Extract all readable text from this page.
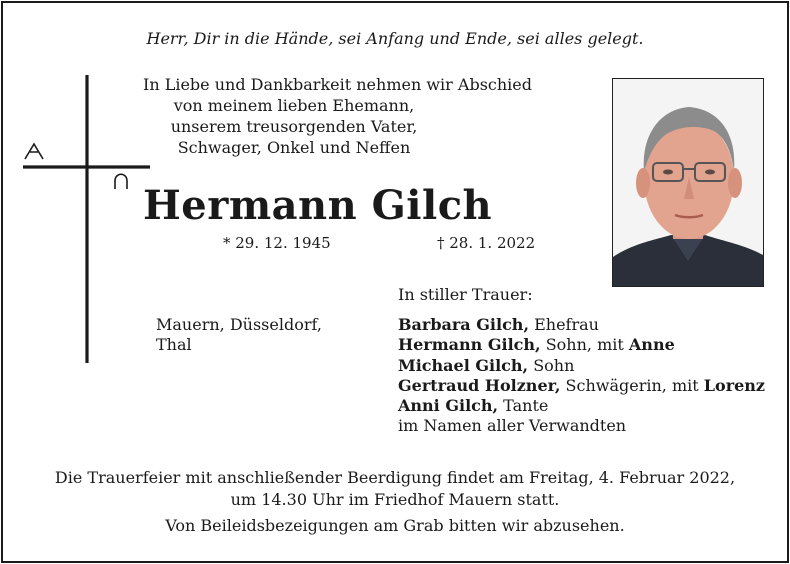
Herr, Dir in die Hände, sei Anfang und Ende, sei alles gelegt.
In Liebe und Dankbarkeit nehmen wir Abschied
von meinem lieben Ehemann,
unserem treusorgenden Vater,
Schwager, Onkel und Neffen
Hermann Gilch
* 29. 12. 1945	† 28. 1. 2022
In stiller Trauer:
Mauern, Düsseldorf,
Thal
Barbara Gilch, Ehefrau
Hermann Gilch, Sohn, mit Anne
Michael Gilch, Sohn
Gertraud Holzner, Schwägerin, mit Lorenz
Anni Gilch, Tante
im Namen aller Verwandten
Die Trauerfeier mit anschließender Beerdigung findet am Freitag, 4. Februar 2022,
um 14.30 Uhr im Friedhof Mauern statt.
Von Beileidsbezeigungen am Grab bitten wir abzusehen.
